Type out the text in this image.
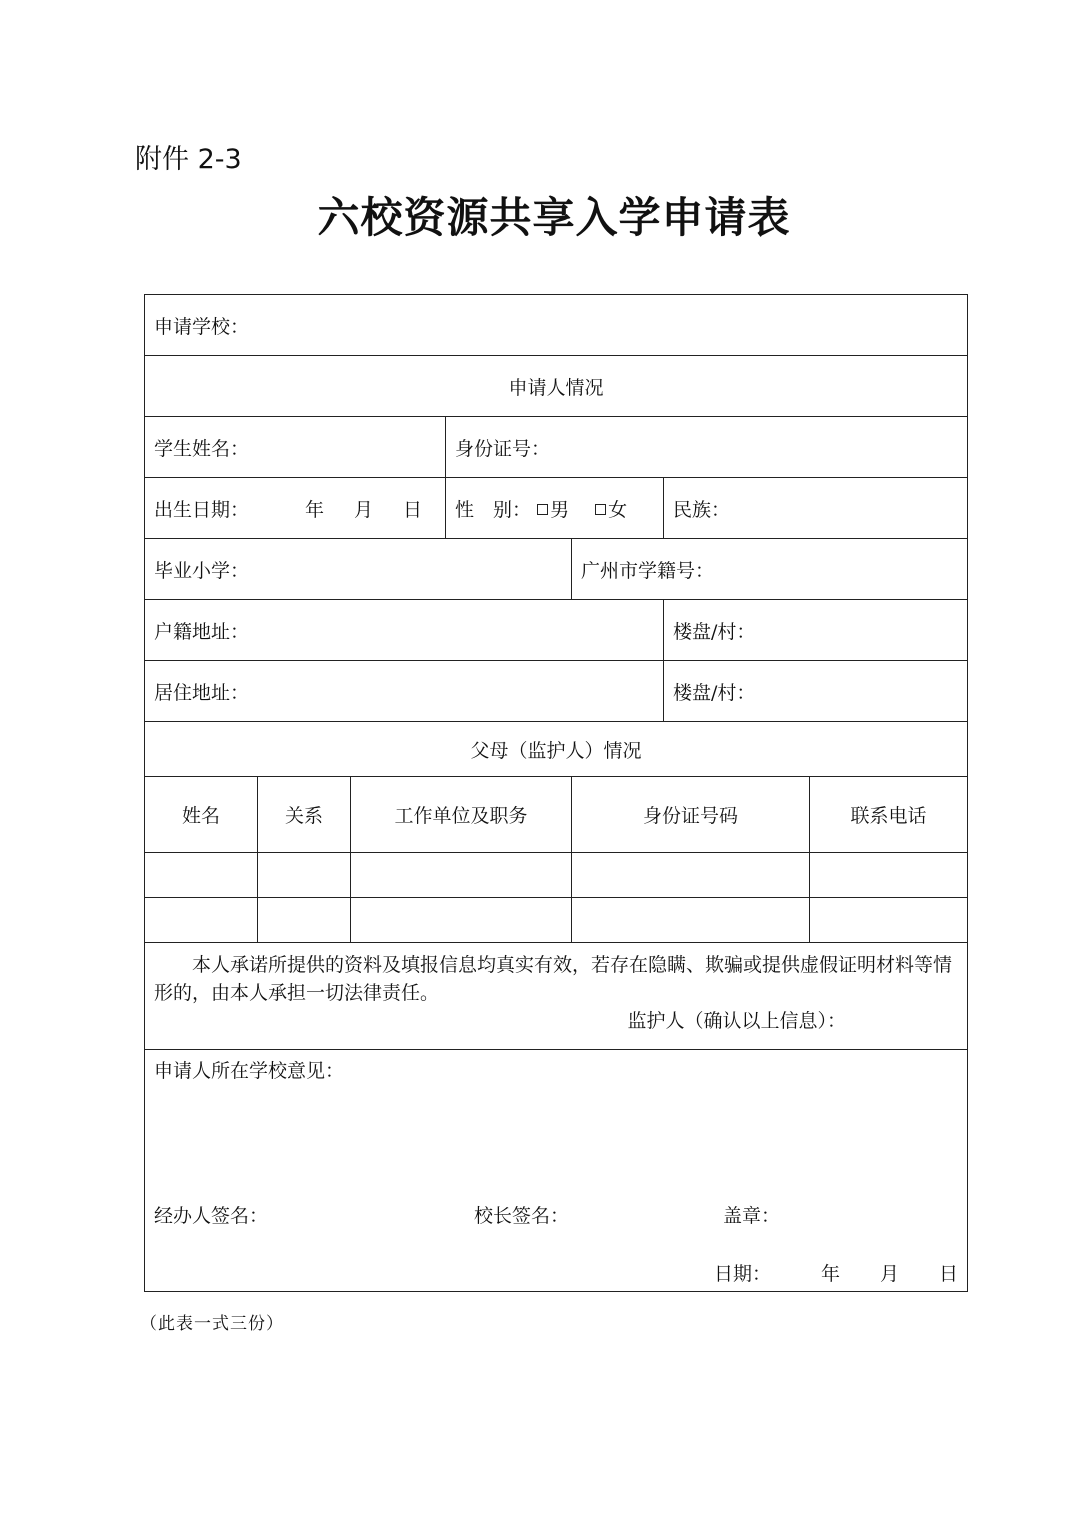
附件 2-3
六校资源共享入学申请表
申请学校：						
申请人情况						
学生姓名：			身份证号：			
出生日期： 年 月 日			性　别： 男 女		民族：	
毕业小学：				广州市学籍号：		
户籍地址：					楼盘/村：	
居住地址：					楼盘/村：	
父母（监护人）情况						
姓名	关系	工作单位及职务		身份证号码		联系电话

本人承诺所提供的资料及填报信息均真实有效，若存在隐瞒、欺骗或提供虚假证明材料等情形的，由本人承担一切法律责任。
监护人（确认以上信息）：						

申请人所在学校意见：
经办人签名： 校长签名： 盖章：
日期： 年 月 日						
（此表一式三份）
